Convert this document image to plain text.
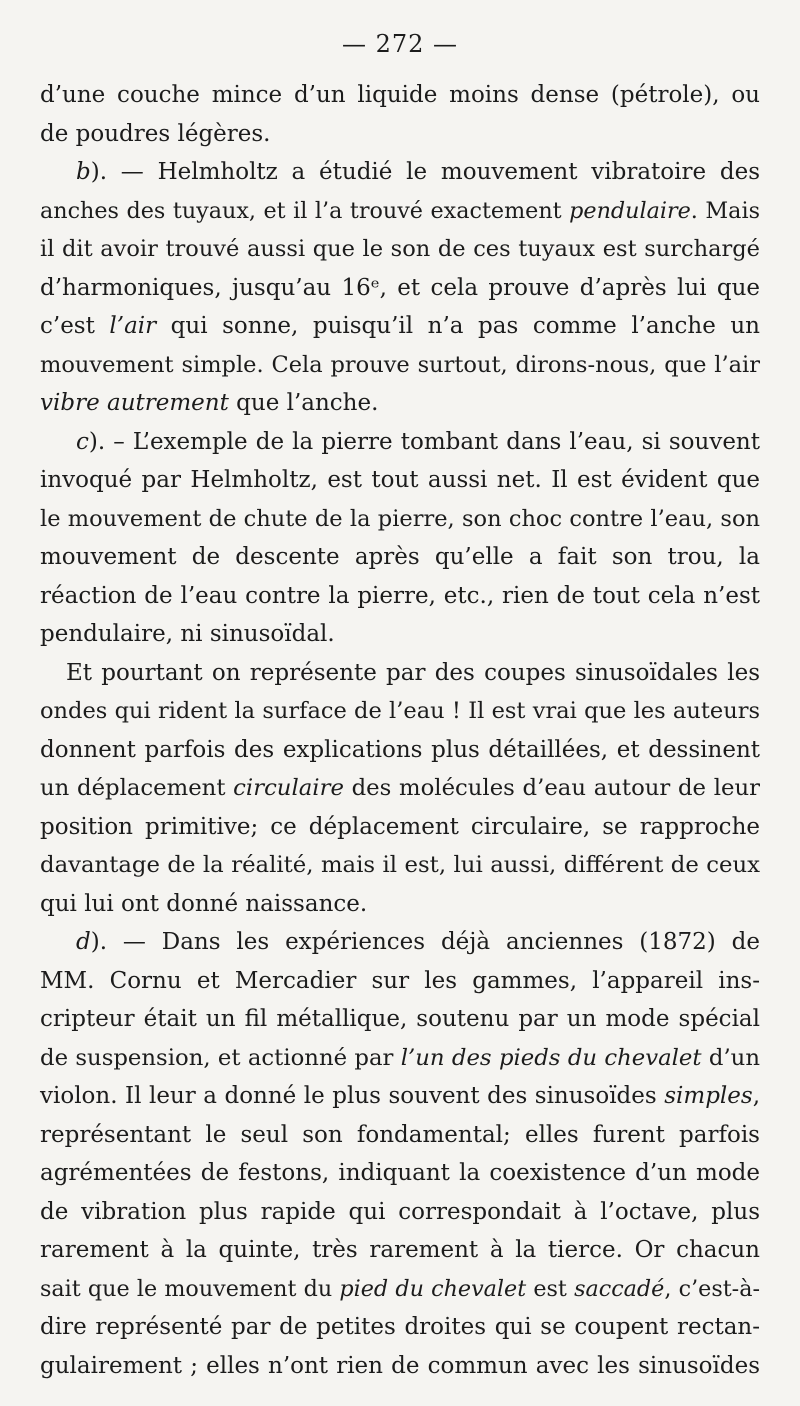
— 272 —
d’une couche mince d’un liquide moins dense (pétrole), ou
de poudres légères.
b). — Helmholtz a étudié le mouvement vibratoire des
anches des tuyaux, et il l’a trouvé exactement pendulaire. Mais
il dit avoir trouvé aussi que le son de ces tuyaux est surchargé
d’harmoniques, jusqu’au 16ᵉ, et cela prouve d’après lui que
c’est l’air qui sonne, puisqu’il n’a pas comme l’anche un
mouvement simple. Cela prouve surtout, dirons-nous, que l’air
vibre autrement que l’anche.
c). – L’exemple de la pierre tombant dans l’eau, si souvent
invoqué par Helmholtz, est tout aussi net. Il est évident que
le mouvement de chute de la pierre, son choc contre l’eau, son
mouvement de descente après qu’elle a fait son trou, la
réaction de l’eau contre la pierre, etc., rien de tout cela n’est
pendulaire, ni sinusoïdal.
Et pourtant on représente par des coupes sinusoïdales les
ondes qui rident la surface de l’eau ! Il est vrai que les auteurs
donnent parfois des explications plus détaillées, et dessinent
un déplacement circulaire des molécules d’eau autour de leur
position primitive; ce déplacement circulaire, se rapproche
davantage de la réalité, mais il est, lui aussi, différent de ceux
qui lui ont donné naissance.
d). — Dans les expériences déjà anciennes (1872) de
MM. Cornu et Mercadier sur les gammes, l’appareil ins-
cripteur était un fil métallique, soutenu par un mode spécial
de suspension, et actionné par l’un des pieds du chevalet d’un
violon. Il leur a donné le plus souvent des sinusoïdes simples,
représentant le seul son fondamental; elles furent parfois
agrémentées de festons, indiquant la coexistence d’un mode
de vibration plus rapide qui correspondait à l’octave, plus
rarement à la quinte, très rarement à la tierce. Or chacun
sait que le mouvement du pied du chevalet est saccadé, c’est-à-
dire représenté par de petites droites qui se coupent rectan-
gulairement ; elles n’ont rien de commun avec les sinusoïdes
